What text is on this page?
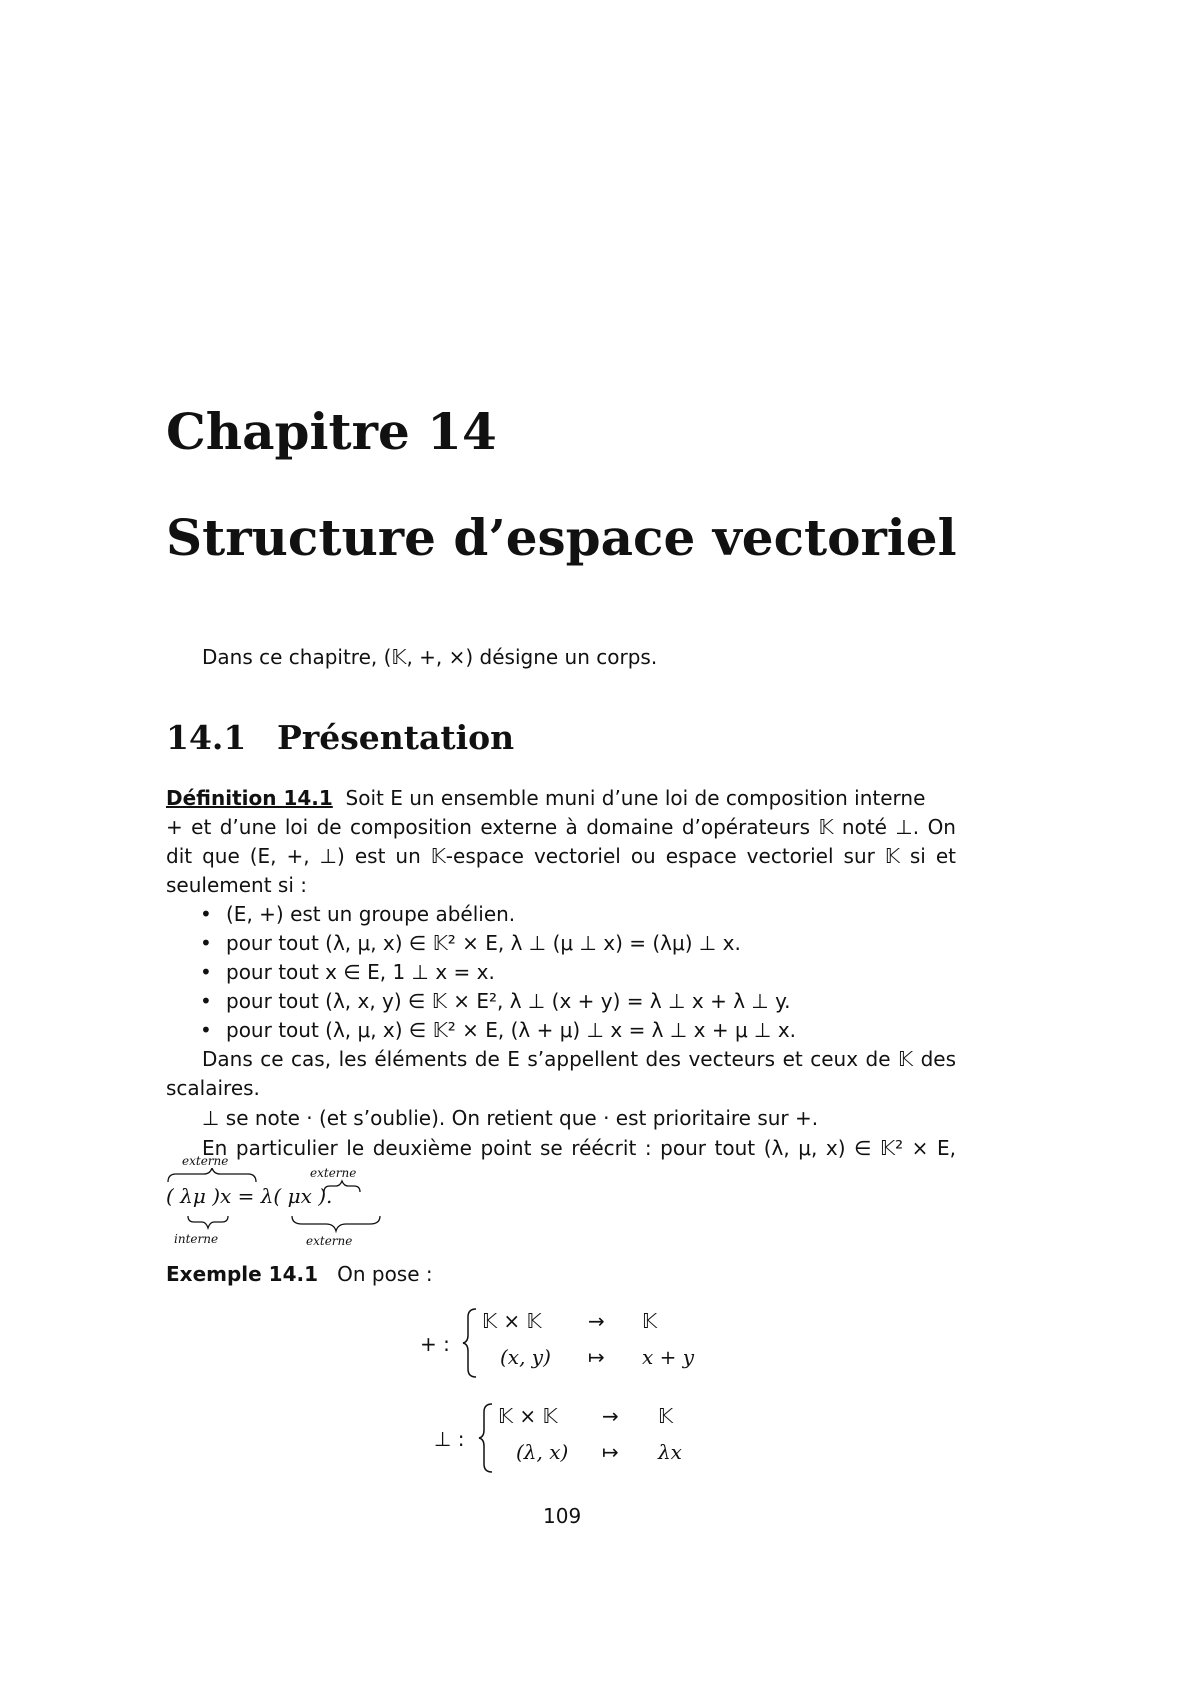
Chapitre 14
Structure d’espace vectoriel
Dans ce chapitre, (𝕂, +, ×) désigne un corps.
14.1 Présentation
Définition 14.1 Soit E un ensemble muni d’une loi de composition interne
+ et d’une loi de composition externe à domaine d’opérateurs 𝕂 noté ⊥. On
dit que (E, +, ⊥) est un 𝕂-espace vectoriel ou espace vectoriel sur 𝕂 si et
seulement si :
• (E, +) est un groupe abélien.
• pour tout (λ, μ, x) ∈ 𝕂² × E, λ ⊥ (μ ⊥ x) = (λμ) ⊥ x.
• pour tout x ∈ E, 1 ⊥ x = x.
• pour tout (λ, x, y) ∈ 𝕂 × E², λ ⊥ (x + y) = λ ⊥ x + λ ⊥ y.
• pour tout (λ, μ, x) ∈ 𝕂² × E, (λ + μ) ⊥ x = λ ⊥ x + μ ⊥ x.
Dans ce cas, les éléments de E s’appellent des vecteurs et ceux de 𝕂 des
scalaires.
⊥ se note · (et s’oublie). On retient que · est prioritaire sur +.
En particulier le deuxième point se réécrit : pour tout (λ, μ, x) ∈ 𝕂² × E,
externe
externe
( λμ )x = λ( μx ).
interne	externe
Exemple 14.1 On pose :
+ :
𝕂 × 𝕂 → 𝕂
(x, y) ↦ x + y
⊥ :
𝕂 × 𝕂 → 𝕂
(λ, x) ↦ λx
109
